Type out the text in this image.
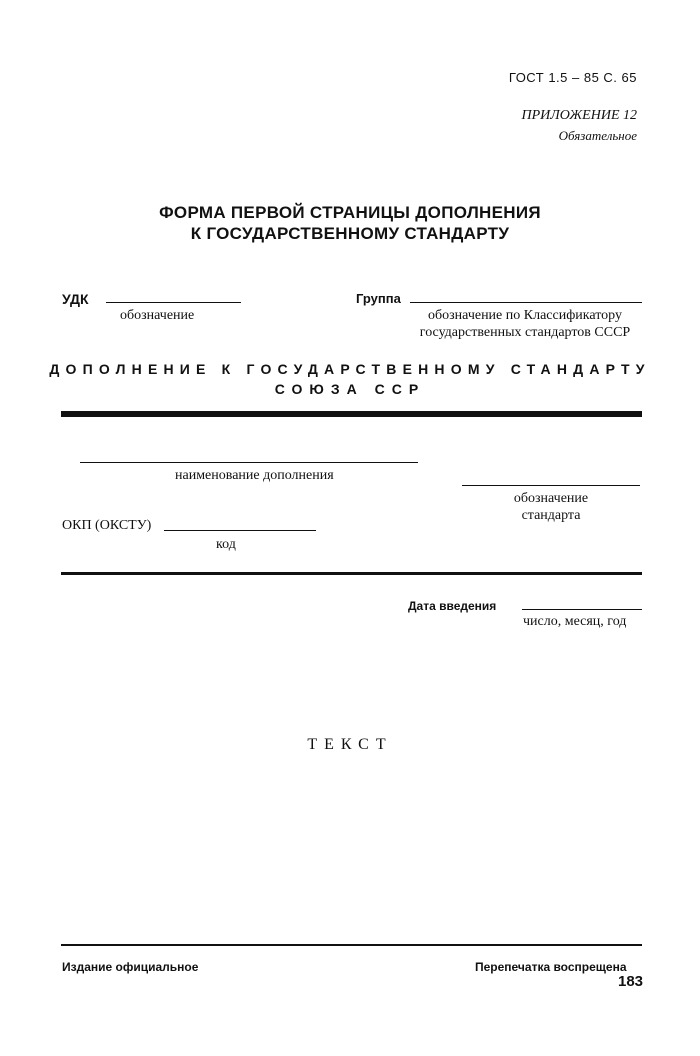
ГОСТ 1.5 – 85 С. 65
ПРИЛОЖЕНИЕ 12
Обязательное
ФОРМА ПЕРВОЙ СТРАНИЦЫ ДОПОЛНЕНИЯ
К ГОСУДАРСТВЕННОМУ СТАНДАРТУ
УДК
обозначение
Группа
обозначение по Классификатору
государственных стандартов СССР
ДОПОЛНЕНИЕ К ГОСУДАРСТВЕННОМУ СТАНДАРТУ
СОЮЗА ССР
наименование дополнения
обозначение
стандарта
ОКП (ОКСТУ)
код
Дата введения
число, месяц, год
ТЕКСТ
Издание официальное	Перепечатка воспрещена
183
